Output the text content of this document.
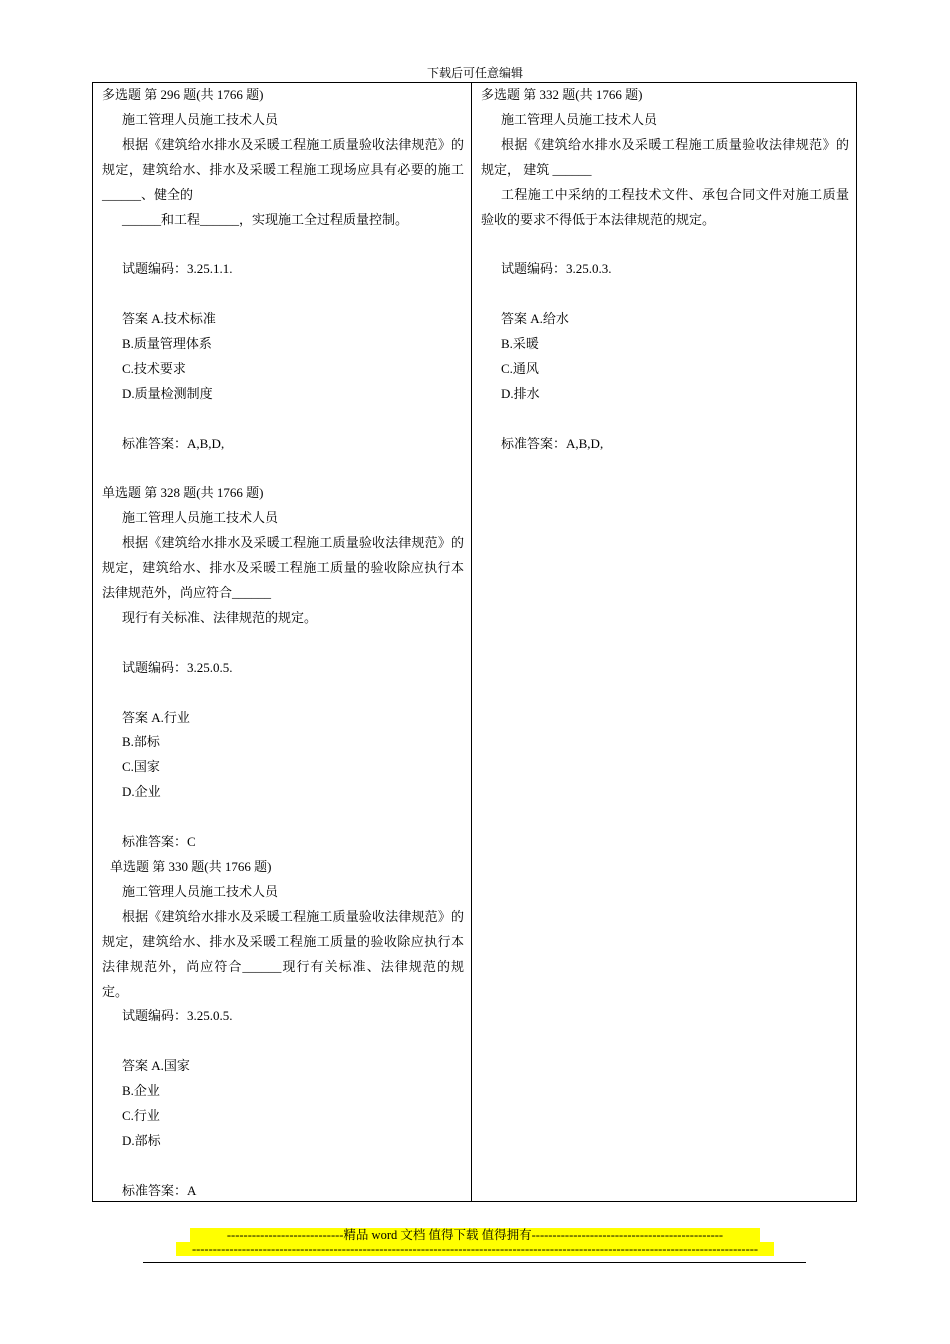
下载后可任意编辑
多选题 第 296 题(共 1766 题)
施工管理人员施工技术人员
根据《建筑给水排水及采暖工程施工质量验收法律规范》的规定，建筑给水、排水及采暖工程施工现场应具有必要的施工______、健全的
______和工程______，实现施工全过程质量控制。
试题编码：3.25.1.1.
答案 A.技术标准
B.质量管理体系
C.技术要求
D.质量检测制度
标准答案：A,B,D,
单选题 第 328 题(共 1766 题)
施工管理人员施工技术人员
根据《建筑给水排水及采暖工程施工质量验收法律规范》的规定，建筑给水、排水及采暖工程施工质量的验收除应执行本法律规范外，尚应符合______
现行有关标准、法律规范的规定。
试题编码：3.25.0.5.
答案 A.行业
B.部标
C.国家
D.企业
标准答案：C
单选题 第 330 题(共 1766 题)
施工管理人员施工技术人员
根据《建筑给水排水及采暖工程施工质量验收法律规范》的规定，建筑给水、排水及采暖工程施工质量的验收除应执行本法律规范外，尚应符合______现行有关标准、法律规范的规定。
试题编码：3.25.0.5.
答案 A.国家
B.企业
C.行业
D.部标
标准答案：A
多选题 第 332 题(共 1766 题)
施工管理人员施工技术人员
根据《建筑给水排水及采暖工程施工质量验收法律规范》的规定， 建筑 ______
工程施工中采纳的工程技术文件、承包合同文件对施工质量验收的要求不得低于本法律规范的规定。
试题编码：3.25.0.3.
答案 A.给水
B.采暖
C.通风
D.排水
标准答案：A,B,D,
----------------------------精品 word 文档 值得下载 值得拥有----------------------------------------------
----------------------------------------------------------------------------------------------------------------------------------------
